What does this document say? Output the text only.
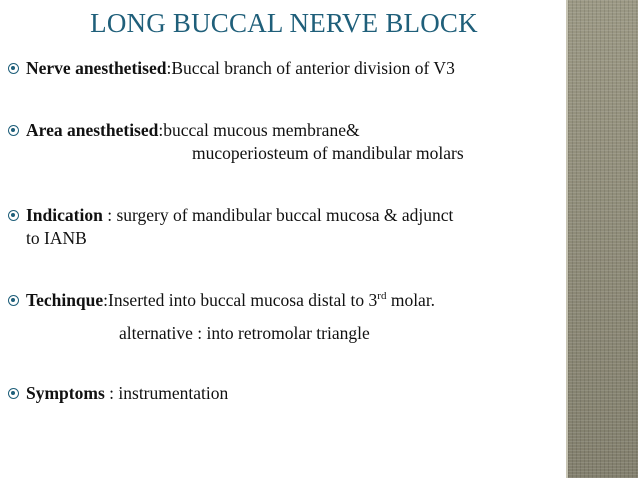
LONG BUCCAL NERVE BLOCK
Nerve anesthetised:Buccal branch of anterior division of V3
Area anesthetised:buccal mucous membrane&
mucoperiosteum of mandibular molars
Indication : surgery of mandibular buccal mucosa & adjunct
to IANB
Techinque:Inserted into buccal mucosa distal to 3rd molar.
alternative : into retromolar triangle
Symptoms : instrumentation
